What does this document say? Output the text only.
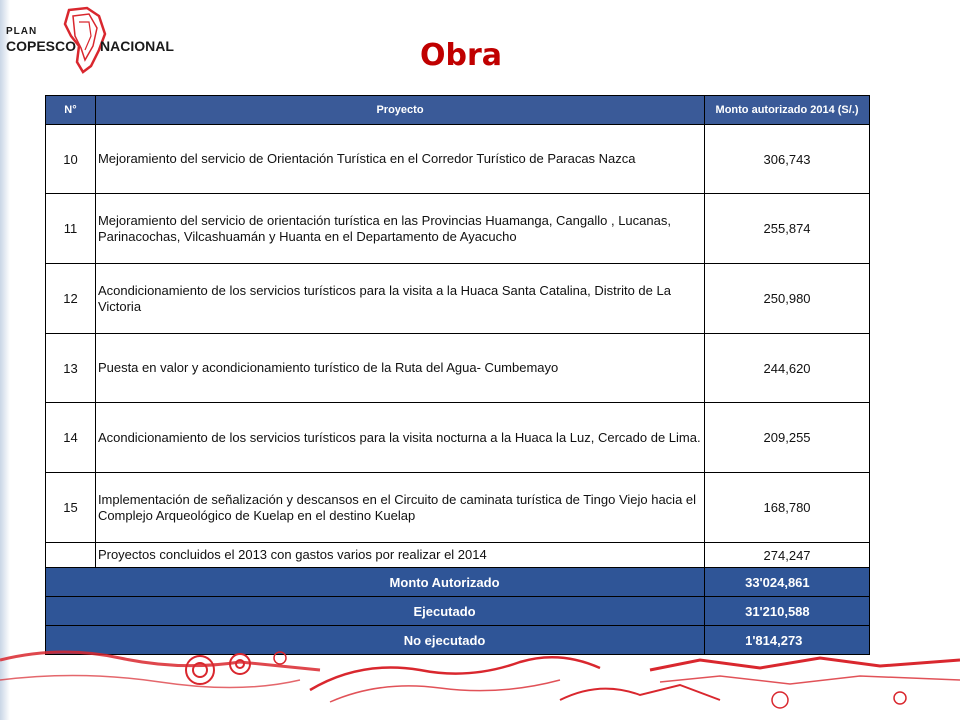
PLAN
COPESCO NACIONAL	Obra
N°	Proyecto	Monto autorizado 2014 (S/.)
10	Mejoramiento del servicio de Orientación Turística en el Corredor Turístico de Paracas Nazca	306,743
11	Mejoramiento del servicio de orientación turística en las Provincias Huamanga, Cangallo , Lucanas, Parinacochas, Vilcashuamán y Huanta en el Departamento de Ayacucho	255,874
12	Acondicionamiento de los servicios turísticos para la visita a la Huaca Santa Catalina, Distrito de La Victoria	250,980
13	Puesta en valor y acondicionamiento turístico de la Ruta del Agua- Cumbemayo	244,620
14	Acondicionamiento de los servicios turísticos para la visita nocturna a la Huaca la Luz, Cercado de Lima.	209,255
15	Implementación de señalización y descansos en el Circuito de caminata turística de Tingo Viejo hacia el Complejo Arqueológico de Kuelap en el destino Kuelap	168,780
	Proyectos concluidos el 2013 con gastos varios por realizar el 2014	274,247
Monto Autorizado		33'024,861
Ejecutado		31'210,588
No ejecutado		1'814,273
